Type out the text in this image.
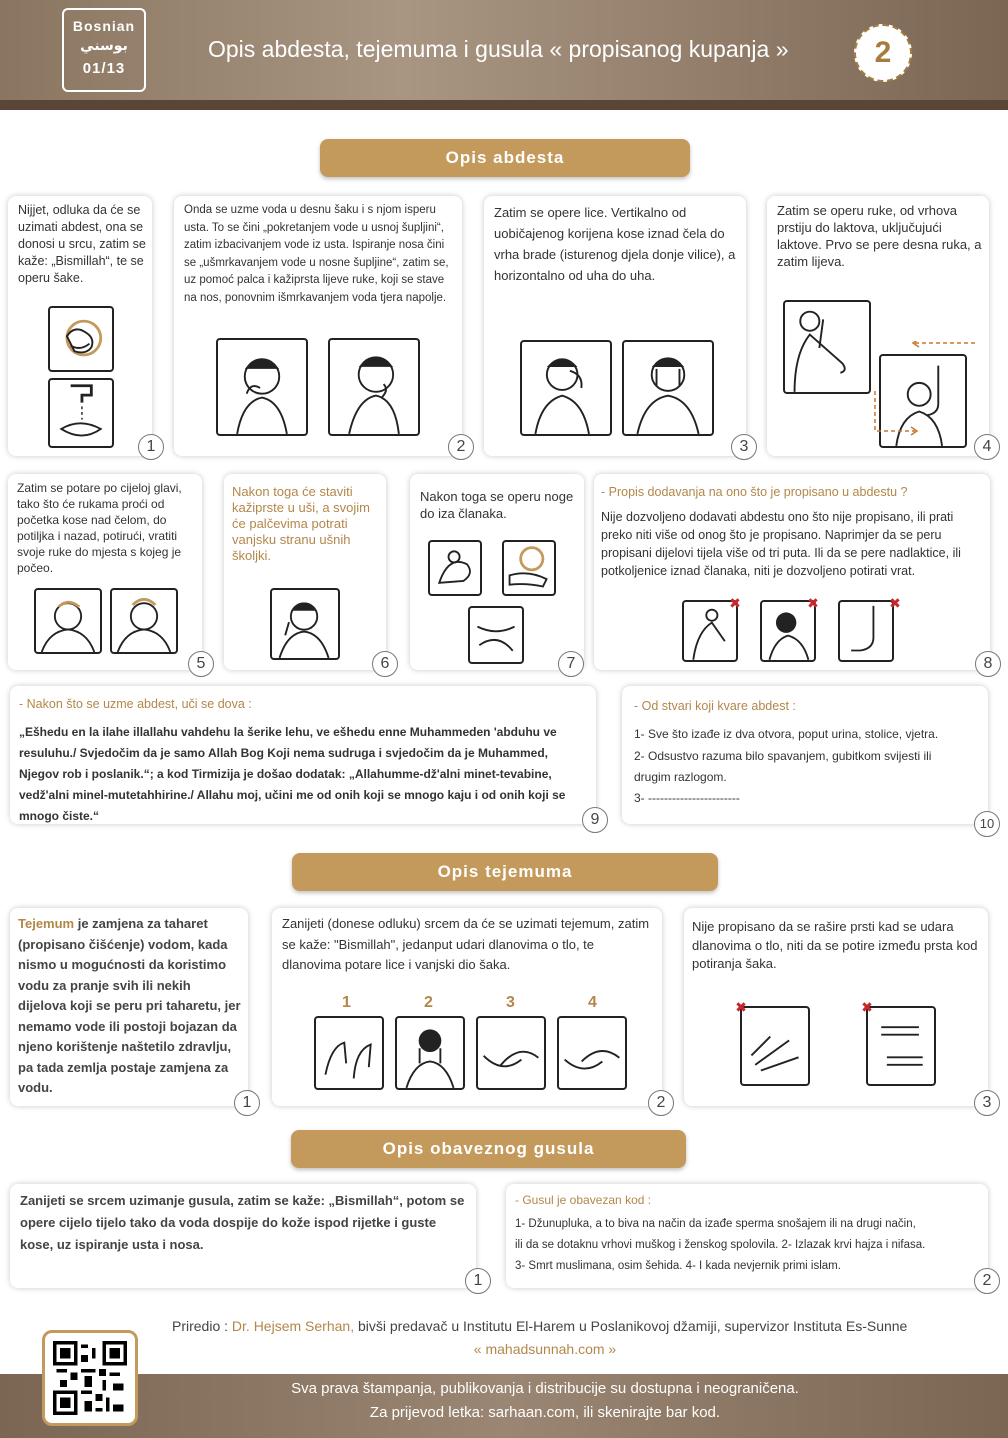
Bosnian
بوسني
01/13
Opis abdesta, tejemuma i gusula « propisanog kupanja »	2
Opis abdesta
Nijjet, odluka da će se uzimati abdest, ona se donosi u srcu, zatim se kaže: „Bismillah“, te se operu šake.
1
Onda se uzme voda u desnu šaku i s njom isperu usta. To se čini „pokretanjem vode u usnoj šupljini“, zatim izbacivanjem vode iz usta. Ispiranje nosa čini se „ušmrkavanjem vode u nosne šupljine“, zatim se, uz pomoć palca i kažiprsta lijeve ruke, koji se stave na nos, ponovnim išmrkavanjem voda tjera napolje.
2
Zatim se opere lice. Vertikalno od uobičajenog korijena kose iznad čela do vrha brade (isturenog djela donje vilice), a horizontalno od uha do uha.
3
Zatim se operu ruke, od vrhova prstiju do laktova, uključujući laktove. Prvo se pere desna ruka, a zatim lijeva.
4
Zatim se potare po cijeloj glavi, tako što će rukama proći od početka kose nad čelom, do potiljka i nazad, potirući, vratiti svoje ruke do mjesta s kojeg je počeo.
5
Nakon toga će staviti kažiprste u uši, a svojim će palčevima potrati vanjsku stranu ušnih školjki.
6
Nakon toga se operu noge do iza članaka.
7
- Propis dodavanja na ono što je propisano u abdestu ?
Nije dozvoljeno dodavati abdestu ono što nije propisano, ili prati preko niti više od onog što je propisano. Naprimjer da se peru propisani dijelovi tijela više od tri puta. Ili da se pere nadlaktice, ili potkoljenice iznad članaka, niti je dozvoljeno potirati vrat.
✖	✖	✖
8
- Nakon što se uzme abdest, uči se dova :
„Ešhedu en la ilahe illallahu vahdehu la šerike lehu, ve ešhedu enne Muhammeden 'abduhu ve resuluhu./ Svjedočim da je samo Allah Bog Koji nema sudruga i svjedočim da je Muhammed, Njegov rob i poslanik.“; a kod Tirmizija je došao dodatak: „Allahumme-dž'alni minet-tevabine, vedž'alni minel-mutetahhirine./ Allahu moj, učini me od onih koji se mnogo kaju i od onih koji se mnogo čiste.“	9
- Od stvari koji kvare abdest :
1- Sve što izađe iz dva otvora, poput urina, stolice, vjetra.
2- Odsustvo razuma bilo spavanjem, gubitkom svijesti ili drugim razlogom.
3- -----------------------
10
Opis tejemuma
Tejemum je zamjena za taharet (propisano čišćenje) vodom, kada nismo u mogućnosti da koristimo vodu za pranje svih ili nekih dijelova koji se peru pri taharetu, jer nemamo vode ili postoji bojazan da njeno korištenje naštetilo zdravlju, pa tada zemlja postaje zamjena za vodu.
1
Zanijeti (donese odluku) srcem da će se uzimati tejemum, zatim se kaže: "Bismillah", jedanput udari dlanovima o tlo, te dlanovima potare lice i vanjski dio šaka.
1	2	3	4
2
Nije propisano da se raširе prsti kad se udara dlanovima o tlo, niti da se potire između prsta kod potiranja šaka.
✖	✖
3
Opis obaveznog gusula
Zanijeti se srcem uzimanje gusula, zatim se kaže: „Bismillah“, potom se opere cijelo tijelo tako da voda dospije do kože ispod rijetke i guste kose, uz ispiranje usta i nosa.
1
- Gusul je obavezan kod :
1- Džunupluka, a to biva na način da izađe sperma snošajem ili na drugi način,
ili da se dotaknu vrhovi muškog i ženskog spolovila. 2- Izlazak krvi hajza i nifasa.
3- Smrt muslimana, osim šehida. 4- I kada nevjernik primi islam.
2
Priredio : Dr. Hejsem Serhan, bivši predavač u Institutu El-Harem u Poslanikovoj džamiji, supervizor Instituta Es-Sunne
« mahadsunnah.com »
Sva prava štampanja, publikovanja i distribucije su dostupna i neograničena.
Za prijevod letka: sarhaan.com, ili skenirajte bar kod.
